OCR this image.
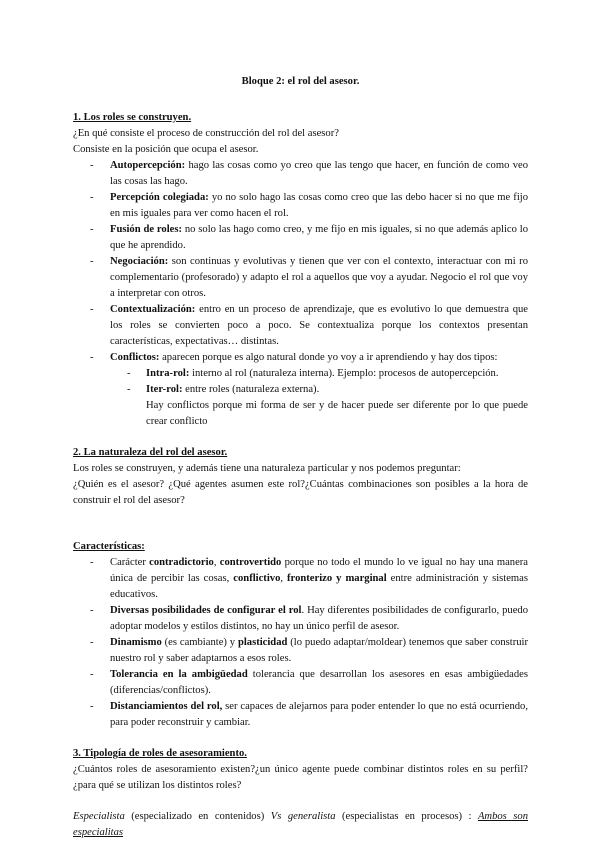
Bloque 2: el rol del asesor.

1. Los roles se construyen.

¿En qué consiste el proceso de construcción del rol del asesor?

Consiste en la posición que ocupa el asesor.

- Autopercepción: hago las cosas como yo creo que las tengo que hacer, en función de como veo las cosas las hago.
- Percepción colegiada: yo no solo hago las cosas como creo que las debo hacer si no que me fijo en mis iguales para ver como hacen el rol.
- Fusión de roles: no solo las hago como creo, y me fijo en mis iguales, si no que además aplico lo que he aprendido.
- Negociación: son continuas y evolutivas y tienen que ver con el contexto, interactuar con mi ro complementario (profesorado) y adapto el rol a aquellos que voy a ayudar. Negocio el rol que voy a interpretar con otros.
- Contextualización: entro en un proceso de aprendizaje, que es evolutivo lo que demuestra que los roles se convierten poco a poco. Se contextualiza porque los contextos presentan características, expectativas… distintas.
- Conflictos: aparecen porque es algo natural donde yo voy a ir aprendiendo y hay dos tipos:
- Intra-rol: interno al rol (naturaleza interna). Ejemplo: procesos de autopercepción.
- Iter-rol: entre roles (naturaleza externa).

Hay conflictos porque mi forma de ser y de hacer puede ser diferente por lo que puede crear conflicto

2. La naturaleza del rol del asesor.

Los roles se construyen, y además tiene una naturaleza particular y nos podemos preguntar:

¿Quién es el asesor? ¿Qué agentes asumen este rol?¿Cuántas combinaciones son posibles a la hora de construir el rol del asesor?

Características:

- Carácter contradictorio, controvertido porque no todo el mundo lo ve igual no hay una manera única de percibir las cosas, conflictivo, fronterizo y marginal entre administración y sistemas educativos.
- Diversas posibilidades de configurar el rol. Hay diferentes posibilidades de configurarlo, puedo adoptar modelos y estilos distintos, no hay un único perfil de asesor.
- Dinamismo (es cambiante) y plasticidad (lo puedo adaptar/moldear) tenemos que saber construir nuestro rol y saber adaptarnos a esos roles.
- Tolerancia en la ambigüedad tolerancia que desarrollan los asesores en esas ambigüedades (diferencias/conflictos).
- Distanciamientos del rol, ser capaces de alejarnos para poder entender lo que no está ocurriendo, para poder reconstruir y cambiar.

3. Tipología de roles de asesoramiento.

¿Cuántos roles de asesoramiento existen?¿un único agente puede combinar distintos roles en su perfil?¿para qué se utilizan los distintos roles?

Especialista (especializado en contenidos) Vs generalista (especialistas en procesos) : Ambos son especialitas
